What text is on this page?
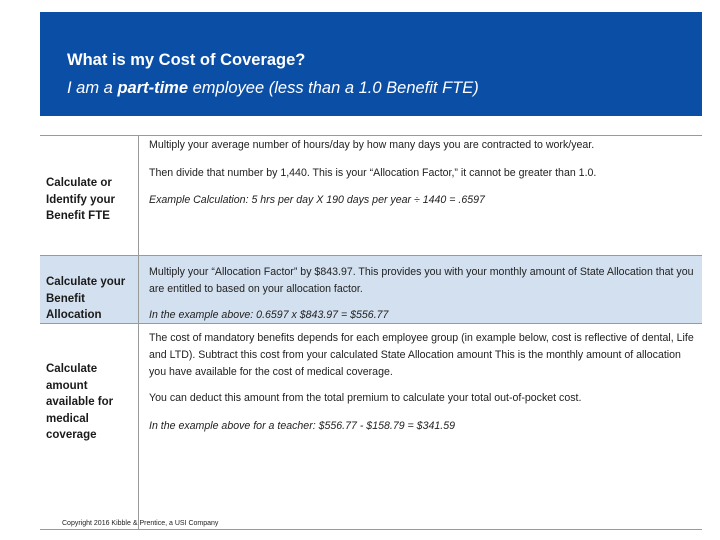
What is my Cost of Coverage?
I am a part-time employee (less than a 1.0 Benefit FTE)
Calculate or Identify your Benefit FTE
Multiply your average number of hours/day by how many days you are contracted to work/year.
Then divide that number by 1,440. This is your “Allocation Factor,” it cannot be greater than 1.0.
Example Calculation: 5 hrs per day X 190 days per year ÷ 1440 = .6597
Calculate your Benefit Allocation
Multiply your “Allocation Factor” by $843.97. This provides you with your monthly amount of State Allocation that you are entitled to based on your allocation factor.
In the example above: 0.6597 x $843.97 = $556.77
Calculate amount available for medical coverage
The cost of mandatory benefits depends for each employee group (in example below, cost is reflective of dental, Life and LTD). Subtract this cost from your calculated State Allocation amount This is the monthly amount of allocation you have available for the cost of medical coverage.
You can deduct this amount from the total premium to calculate your total out-of-pocket cost.
In the example above for a teacher: $556.77 - $158.79 = $341.59
Copyright 2016 Kibble & Prentice, a USI Company
